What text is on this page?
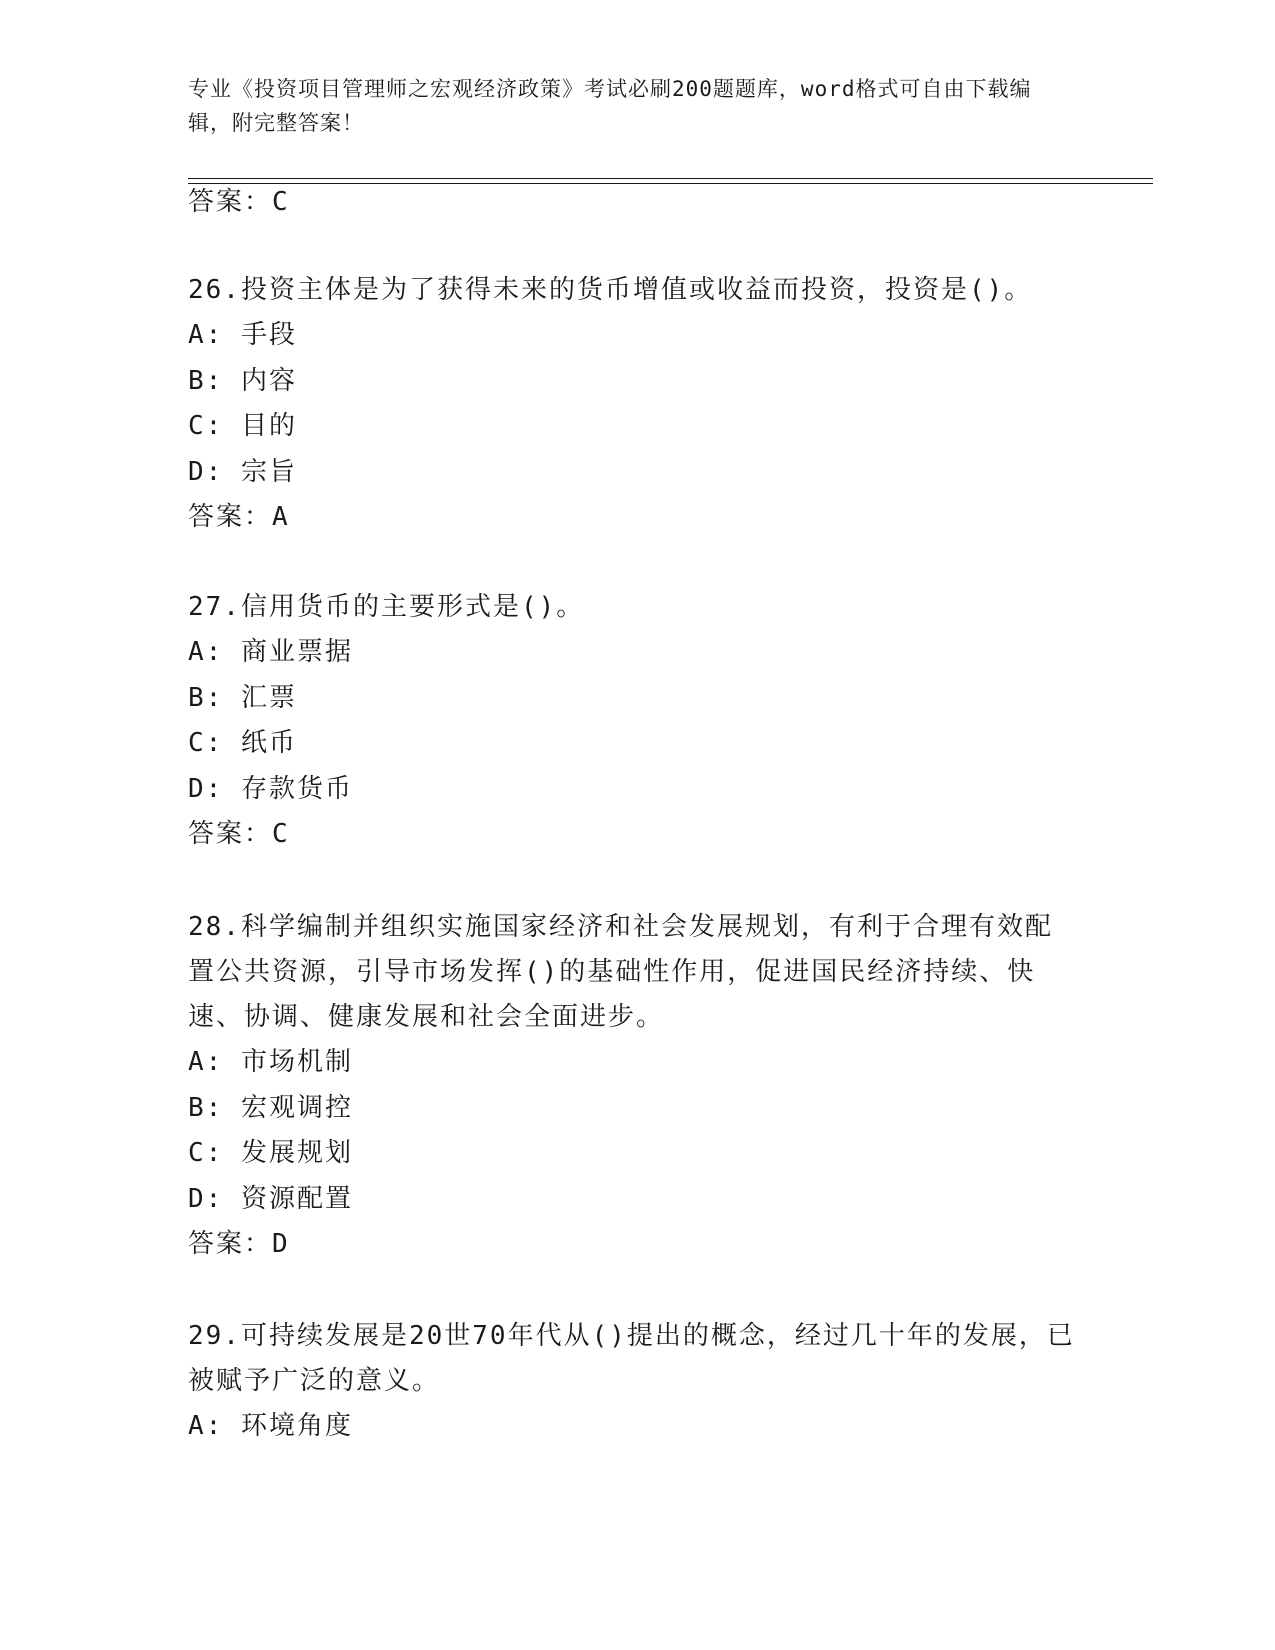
专业《投资项目管理师之宏观经济政策》考试必刷200题题库，word格式可自由下载编辑，附完整答案！

答案：C

26.投资主体是为了获得未来的货币增值或收益而投资，投资是()。

A: 手段

B: 内容

C: 目的

D: 宗旨

答案：A

27.信用货币的主要形式是()。

A: 商业票据

B: 汇票

C: 纸币

D: 存款货币

答案：C

28.科学编制并组织实施国家经济和社会发展规划，有利于合理有效配置公共资源，引导市场发挥()的基础性作用，促进国民经济持续、快速、协调、健康发展和社会全面进步。

A: 市场机制

B: 宏观调控

C: 发展规划

D: 资源配置

答案：D

29.可持续发展是20世70年代从()提出的概念，经过几十年的发展，已被赋予广泛的意义。

A: 环境角度
